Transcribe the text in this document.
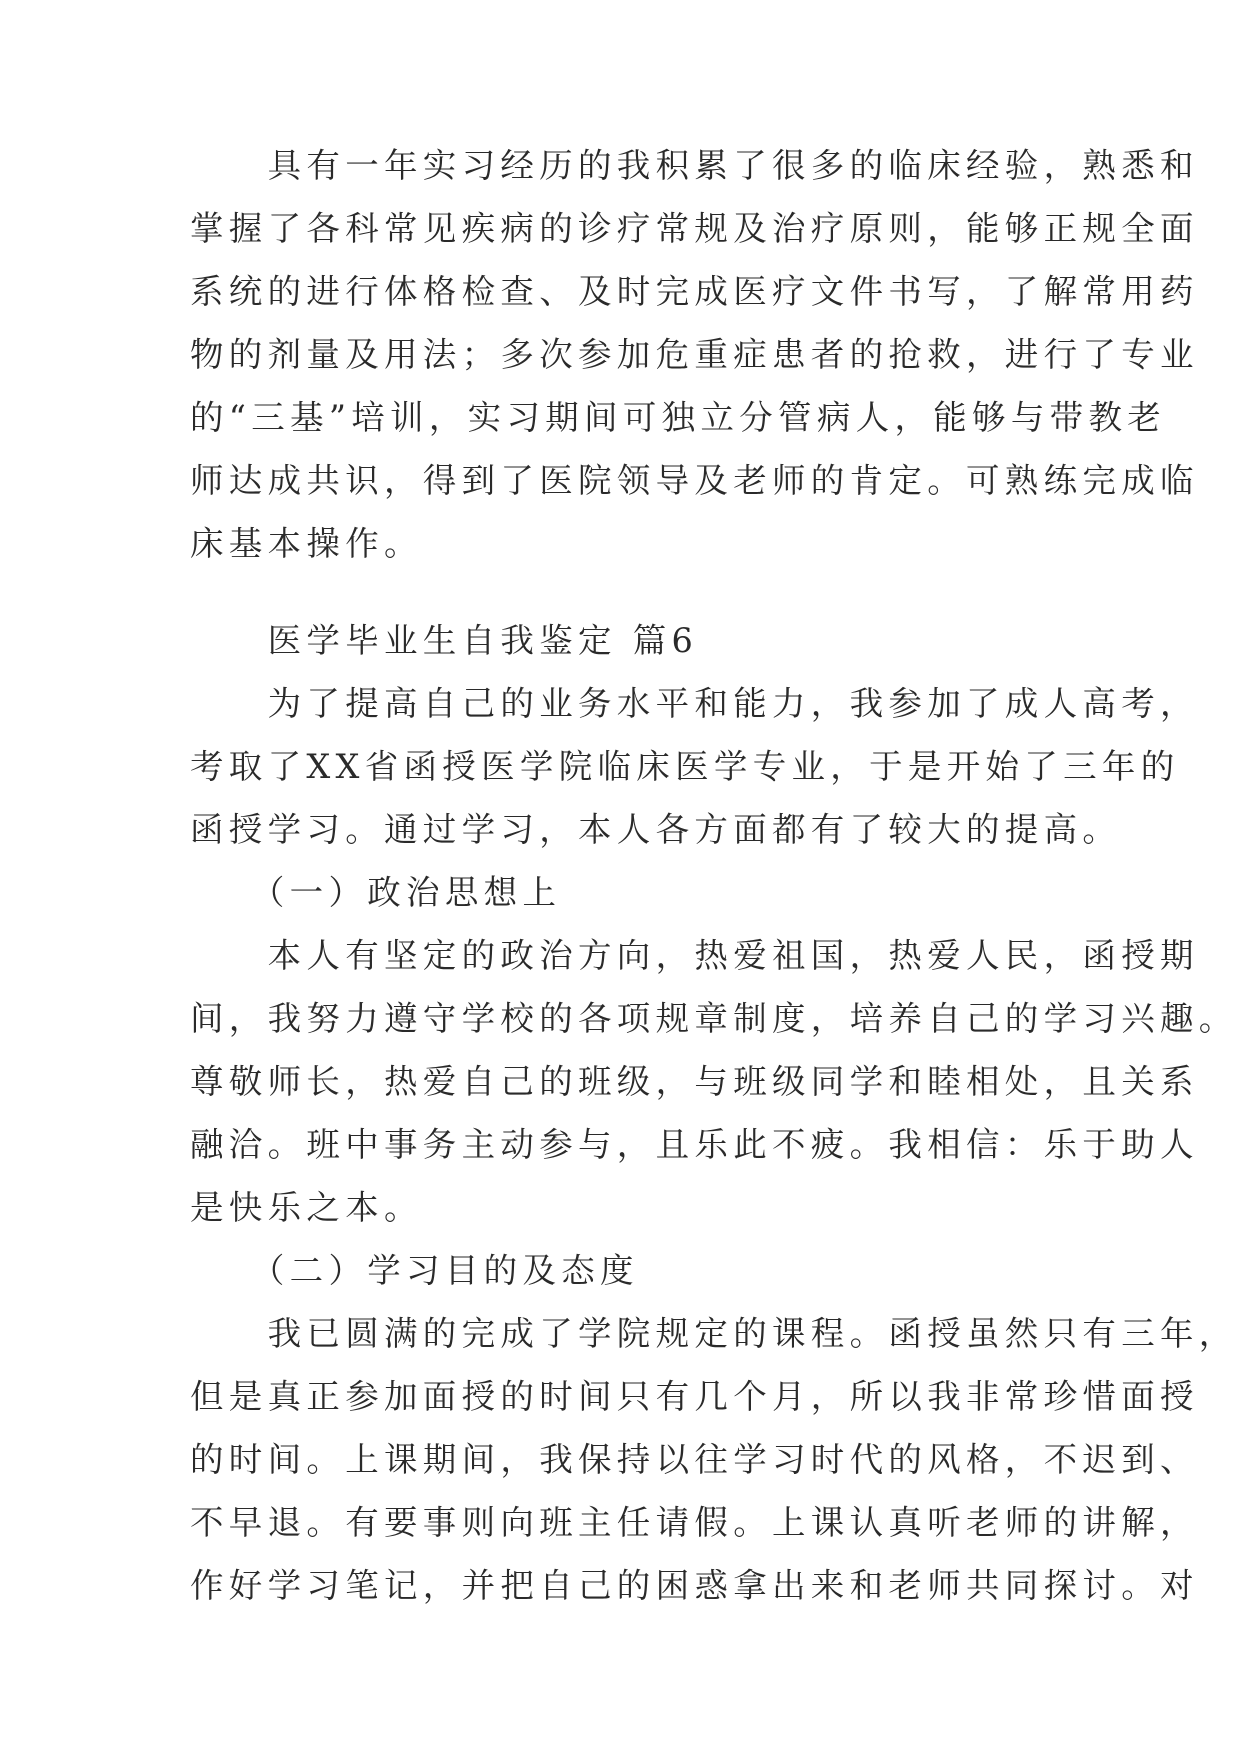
　　具有一年实习经历的我积累了很多的临床经验，熟悉和
掌握了各科常见疾病的诊疗常规及治疗原则，能够正规全面
系统的进行体格检查、及时完成医疗文件书写，了解常用药
物的剂量及用法；多次参加危重症患者的抢救，进行了专业
的“三基”培训，实习期间可独立分管病人，能够与带教老
师达成共识，得到了医院领导及老师的肯定。可熟练完成临
床基本操作。
　　医学毕业生自我鉴定 篇6
　　为了提高自己的业务水平和能力，我参加了成人高考，
考取了XX省函授医学院临床医学专业，于是开始了三年的
函授学习。通过学习，本人各方面都有了较大的提高。
　　（一）政治思想上
　　本人有坚定的政治方向，热爱祖国，热爱人民，函授期
间，我努力遵守学校的各项规章制度，培养自己的学习兴趣。
尊敬师长，热爱自己的班级，与班级同学和睦相处，且关系
融洽。班中事务主动参与，且乐此不疲。我相信：乐于助人
是快乐之本。
　　（二）学习目的及态度
　　我已圆满的完成了学院规定的课程。函授虽然只有三年，
但是真正参加面授的时间只有几个月，所以我非常珍惜面授
的时间。上课期间，我保持以往学习时代的风格，不迟到、
不早退。有要事则向班主任请假。上课认真听老师的讲解，
作好学习笔记，并把自己的困惑拿出来和老师共同探讨。对
